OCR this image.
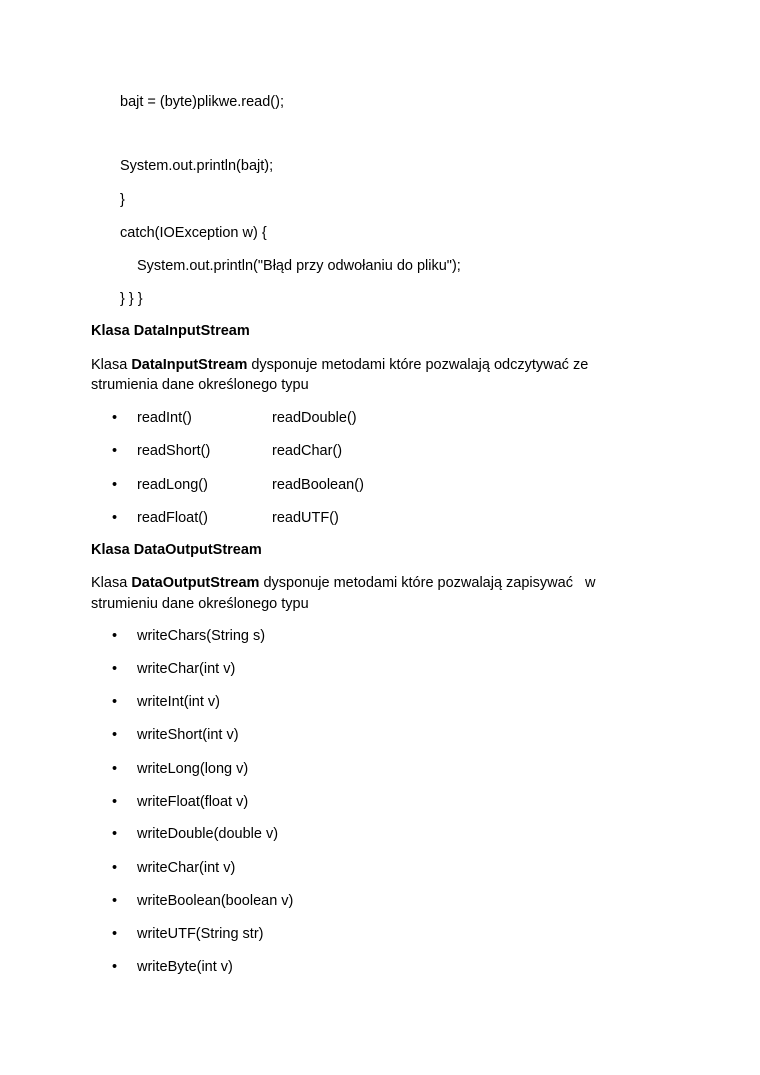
bajt = (byte)plikwe.read();
System.out.println(bajt);
}
catch(IOException w) {
System.out.println("Błąd przy odwołaniu do pliku");
} } }
Klasa DataInputStream
Klasa DataInputStream dysponuje metodami które pozwalają odczytywać ze
strumienia dane określonego typu
• readInt()	readDouble()
• readShort()	readChar()
• readLong()	readBoolean()
• readFloat()	readUTF()
Klasa DataOutputStream
Klasa DataOutputStream dysponuje metodami które pozwalają zapisywać   w
strumieniu dane określonego typu
• writeChars(String s)
• writeChar(int v)
• writeInt(int v)
• writeShort(int v)
• writeLong(long v)
• writeFloat(float v)
• writeDouble(double v)
• writeChar(int v)
• writeBoolean(boolean v)
• writeUTF(String str)
• writeByte(int v)
